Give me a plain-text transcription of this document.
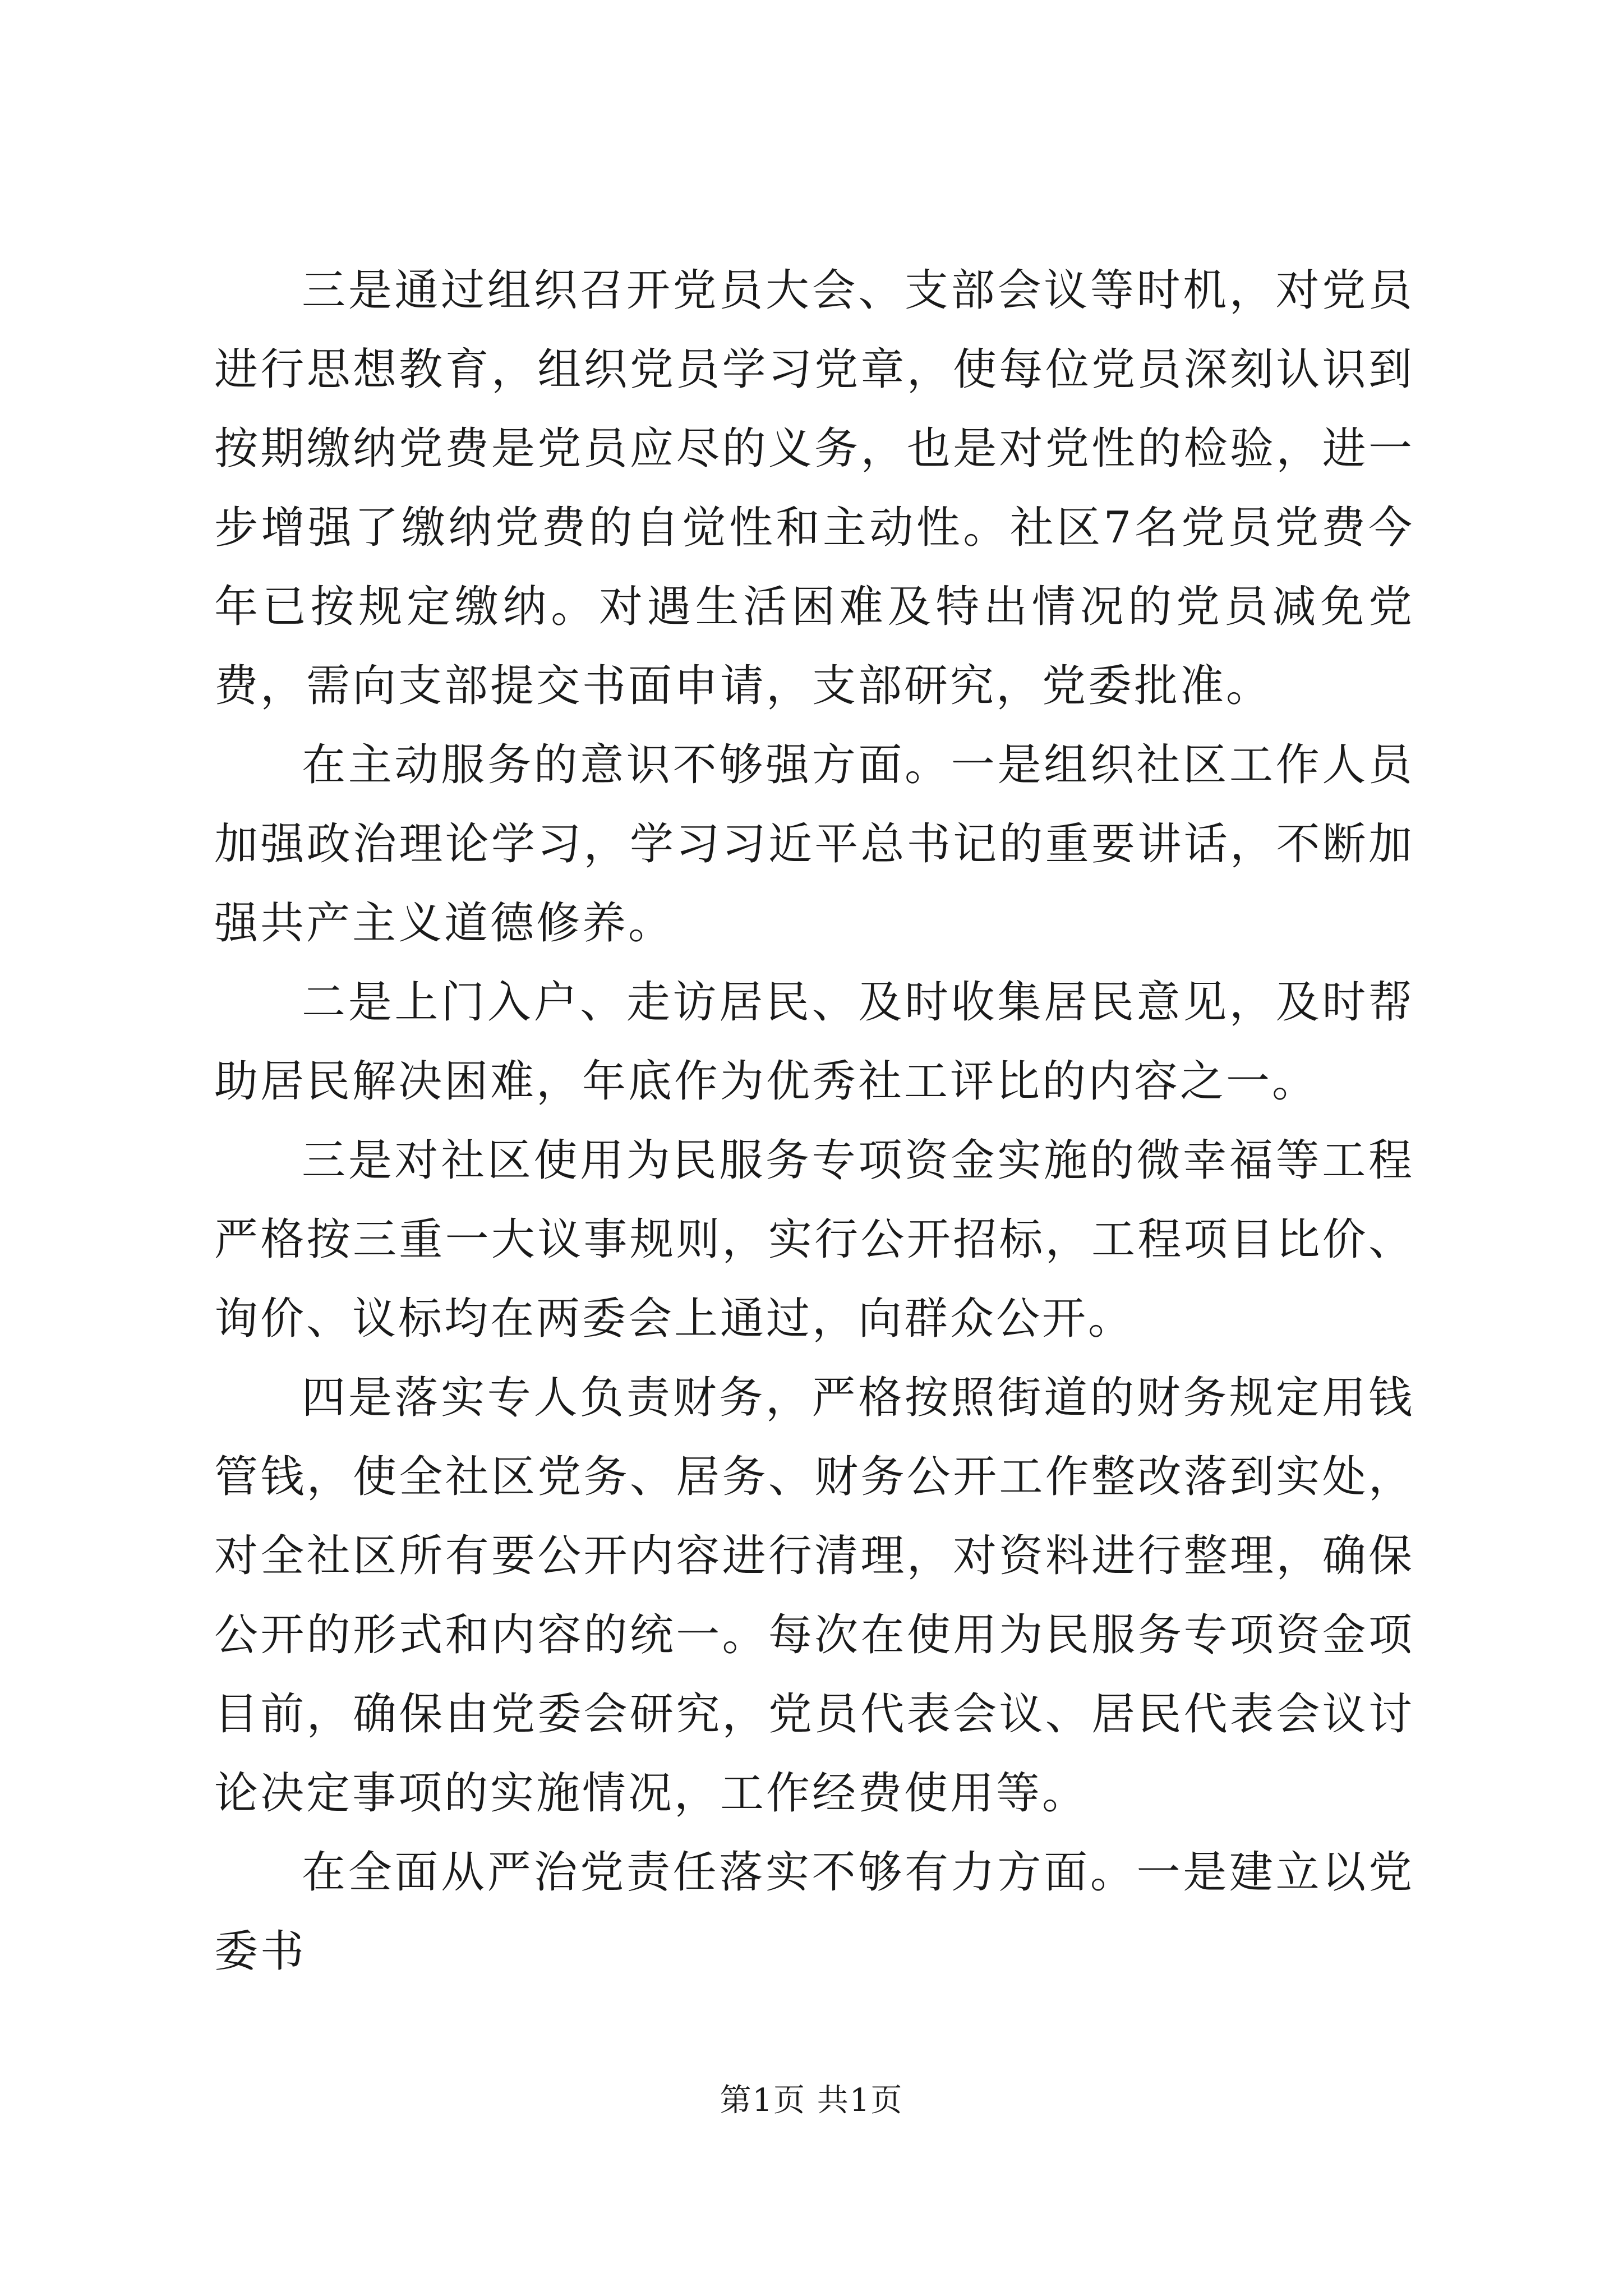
三是通过组织召开党员大会、支部会议等时机，对党员进行思想教育，组织党员学习党章，使每位党员深刻认识到按期缴纳党费是党员应尽的义务，也是对党性的检验，进一步增强了缴纳党费的自觉性和主动性。社区7名党员党费今年已按规定缴纳。对遇生活困难及特出情况的党员减免党费，需向支部提交书面申请，支部研究，党委批准。

在主动服务的意识不够强方面。一是组织社区工作人员加强政治理论学习，学习习近平总书记的重要讲话，不断加强共产主义道德修养。

二是上门入户、走访居民、及时收集居民意见，及时帮助居民解决困难，年底作为优秀社工评比的内容之一。

三是对社区使用为民服务专项资金实施的微幸福等工程严格按三重一大议事规则，实行公开招标，工程项目比价、询价、议标均在两委会上通过，向群众公开。

四是落实专人负责财务，严格按照街道的财务规定用钱管钱，使全社区党务、居务、财务公开工作整改落到实处，对全社区所有要公开内容进行清理，对资料进行整理，确保公开的形式和内容的统一。每次在使用为民服务专项资金项目前，确保由党委会研究，党员代表会议、居民代表会议讨论决定事项的实施情况，工作经费使用等。

在全面从严治党责任落实不够有力方面。一是建立以党委书

第1页 共1页
